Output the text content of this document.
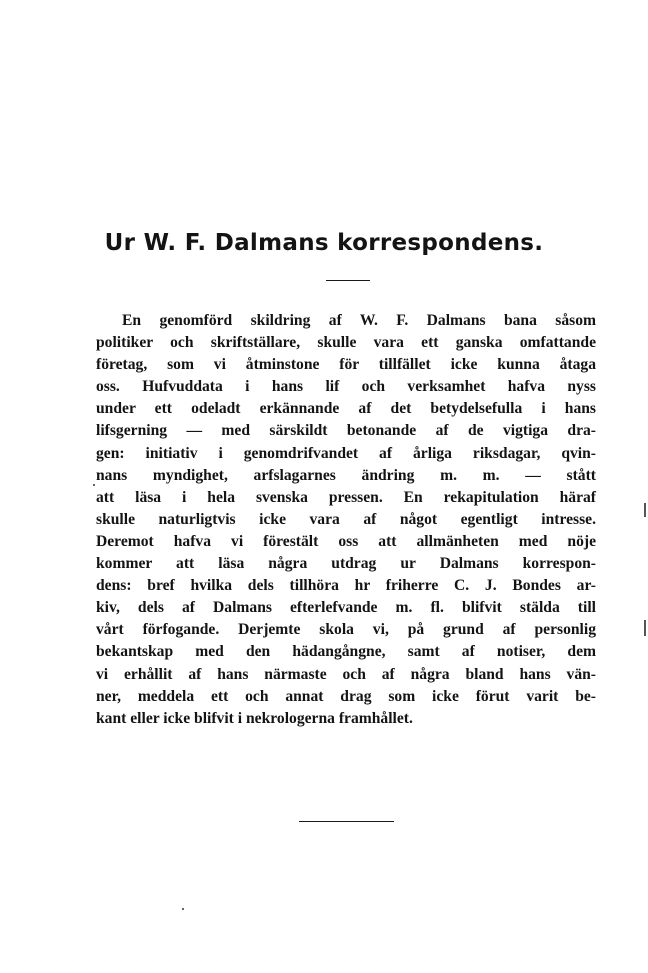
Ur W. F. Dalmans korrespondens.
En genomförd skildring af W. F. Dalmans bana såsom
politiker och skriftställare, skulle vara ett ganska omfattande
företag, som vi åtminstone för tillfället icke kunna åtaga
oss. Hufvuddata i hans lif och verksamhet hafva nyss
under ett odeladt erkännande af det betydelsefulla i hans
lifsgerning — med särskildt betonande af de vigtiga dra-
gen: initiativ i genomdrifvandet af årliga riksdagar, qvin-
nans myndighet, arfslagarnes ändring m. m. — stått
att läsa i hela svenska pressen. En rekapitulation häraf
skulle naturligtvis icke vara af något egentligt intresse.
Deremot hafva vi förestält oss att allmänheten med nöje
kommer att läsa några utdrag ur Dalmans korrespon-
dens: bref hvilka dels tillhöra hr friherre C. J. Bondes ar-
kiv, dels af Dalmans efterlefvande m. fl. blifvit stälda till
vårt förfogande. Derjemte skola vi, på grund af personlig
bekantskap med den hädangångne, samt af notiser, dem
vi erhållit af hans närmaste och af några bland hans vän-
ner, meddela ett och annat drag som icke förut varit be-
kant eller icke blifvit i nekrologerna framhållet.
